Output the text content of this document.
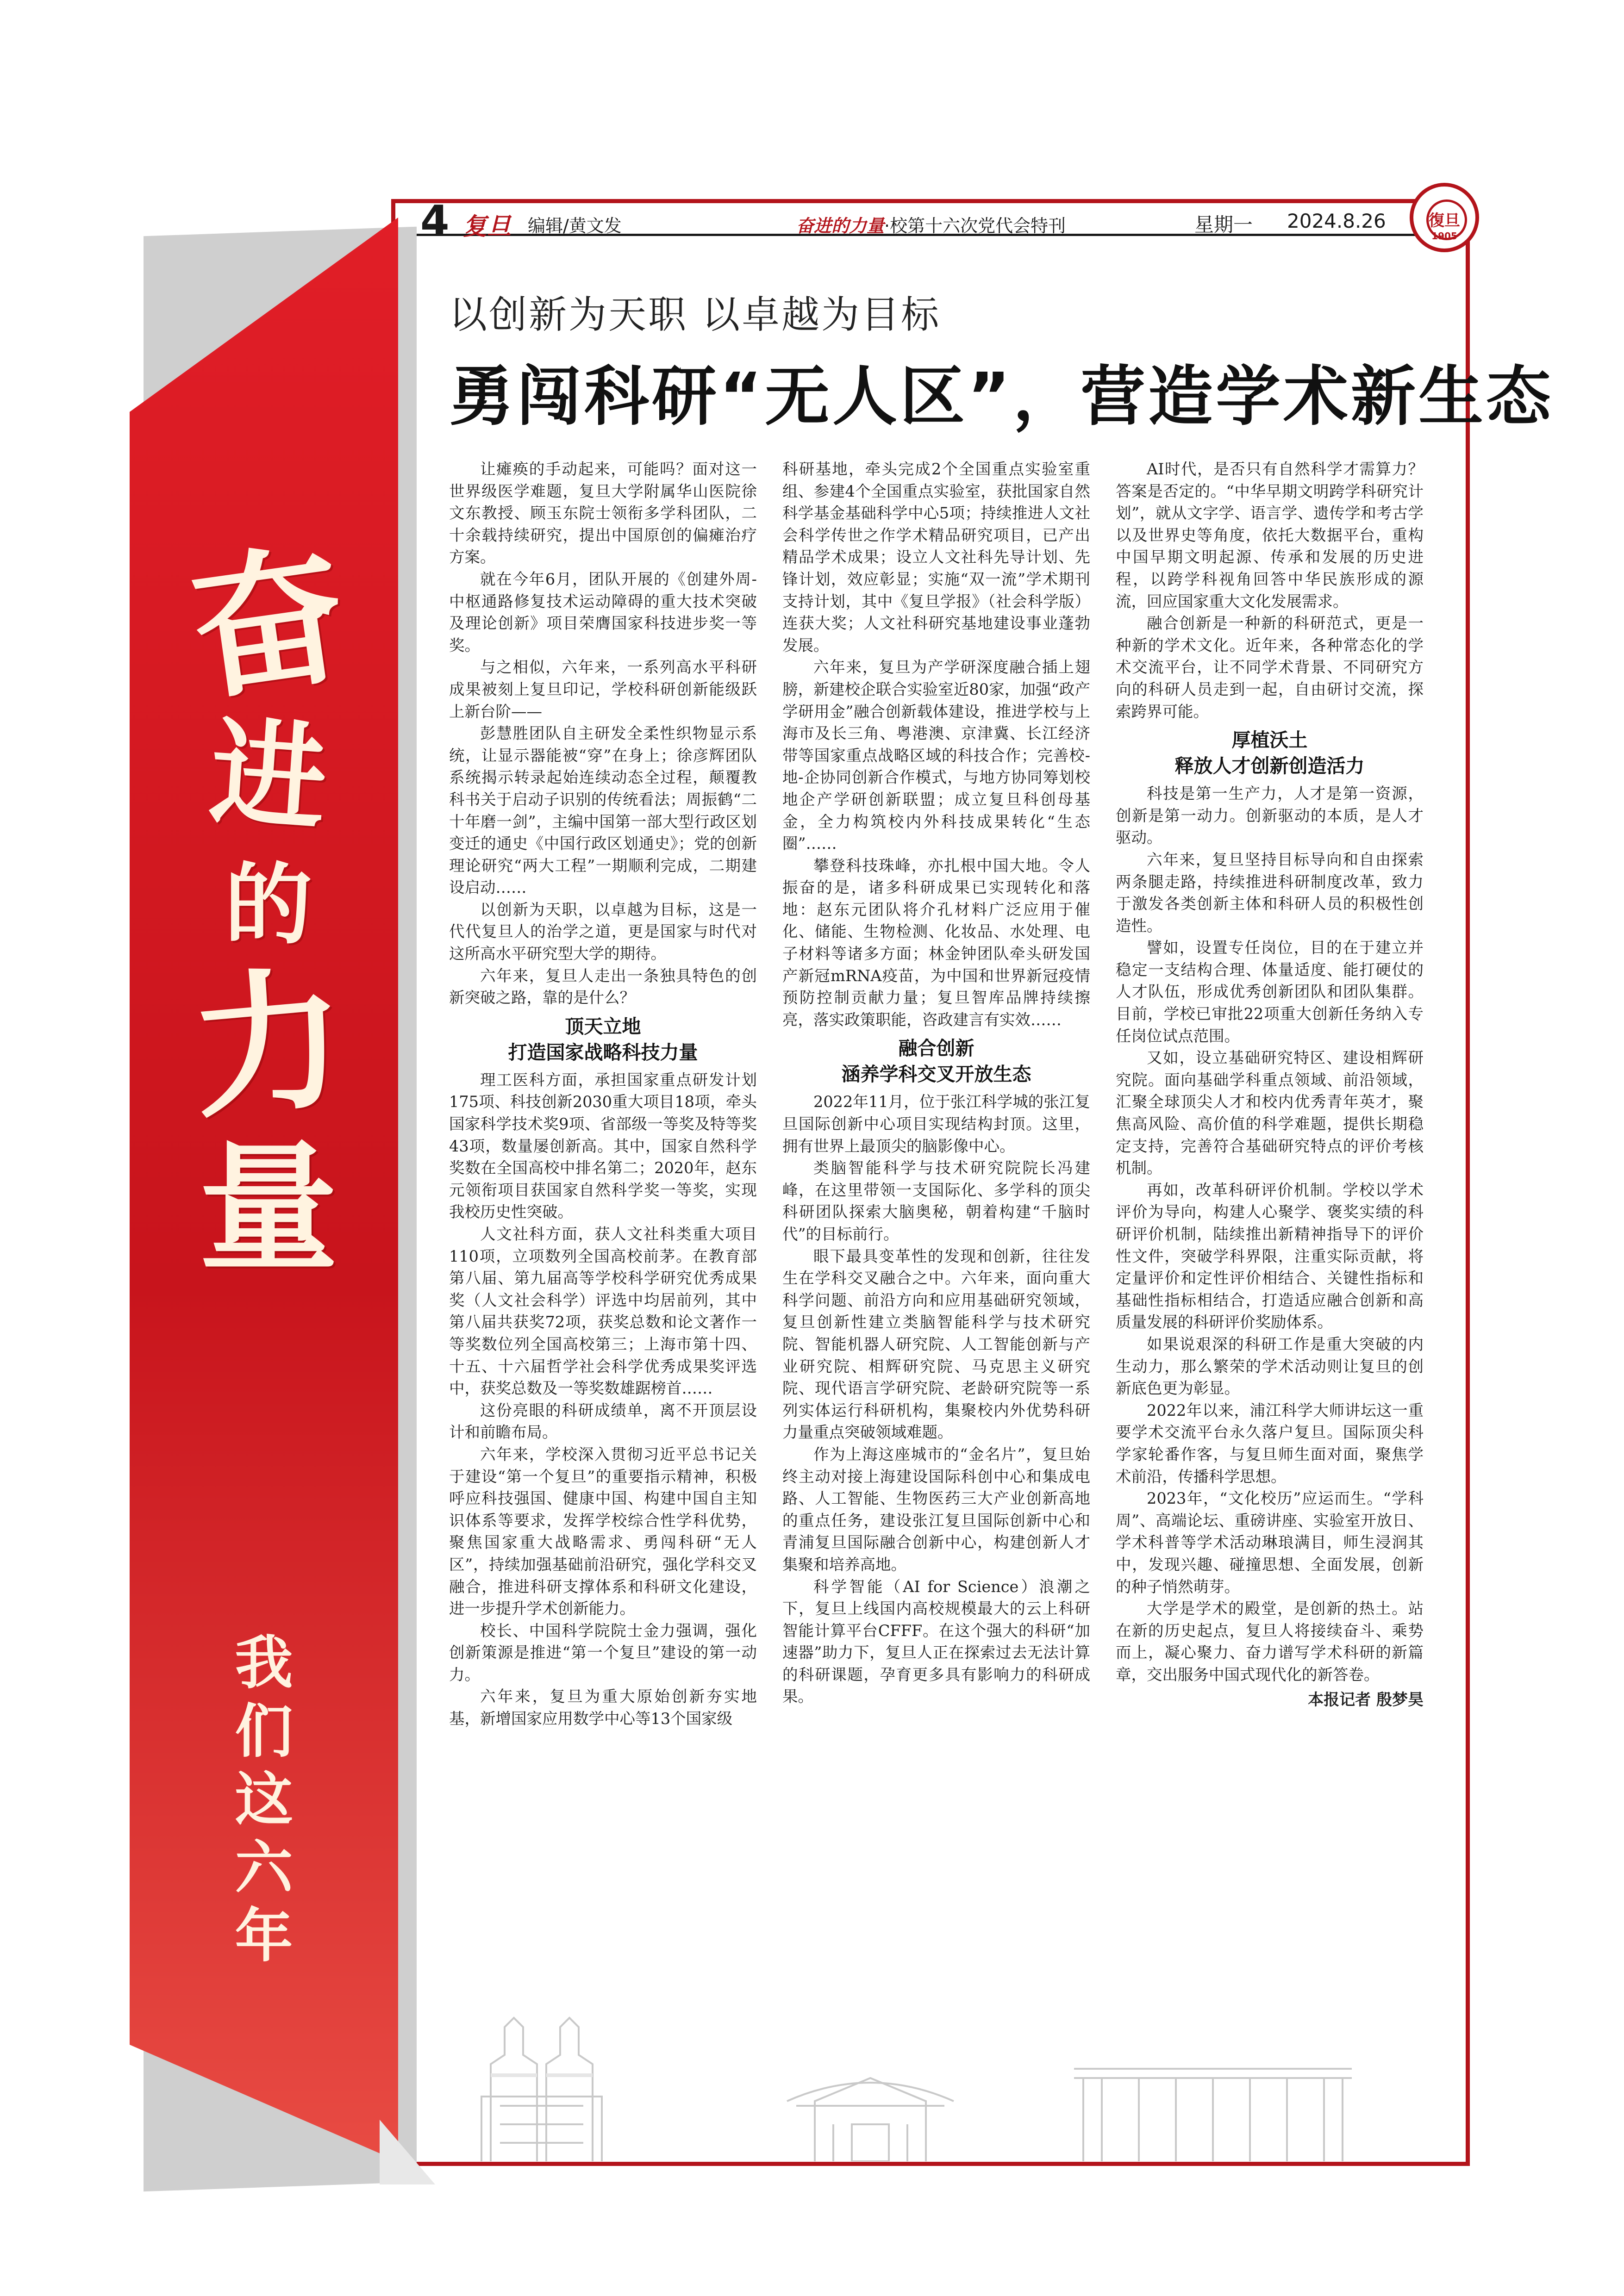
奋
进
的
力
量
我
们
这
六
年
4 复旦 编辑/黄文发	奋进的力量·校第十六次党代会特刊	星期一 2024.8.26	復旦
1905
以创新为天职 以卓越为目标
勇闯科研“无人区”，营造学术新生态

让瘫痪的手动起来，可能吗？面对这一世界级医学难题，复旦大学附属华山医院徐文东教授、顾玉东院士领衔多学科团队，二十余载持续研究，提出中国原创的偏瘫治疗方案。

就在今年6月，团队开展的《创建外周-中枢通路修复技术运动障碍的重大技术突破及理论创新》项目荣膺国家科技进步奖一等奖。

与之相似，六年来，一系列高水平科研成果被刻上复旦印记，学校科研创新能级跃上新台阶——

彭慧胜团队自主研发全柔性织物显示系统，让显示器能被“穿”在身上；徐彦辉团队系统揭示转录起始连续动态全过程，颠覆教科书关于启动子识别的传统看法；周振鹤“二十年磨一剑”，主编中国第一部大型行政区划变迁的通史《中国行政区划通史》；党的创新理论研究“两大工程”一期顺利完成，二期建设启动……

以创新为天职，以卓越为目标，这是一代代复旦人的治学之道，更是国家与时代对这所高水平研究型大学的期待。

六年来，复旦人走出一条独具特色的创新突破之路，靠的是什么？

顶天立地
打造国家战略科技力量

理工医科方面，承担国家重点研发计划175项、科技创新2030重大项目18项，牵头国家科学技术奖9项、省部级一等奖及特等奖43项，数量屡创新高。其中，国家自然科学奖数在全国高校中排名第二；2020年，赵东元领衔项目获国家自然科学奖一等奖，实现我校历史性突破。

人文社科方面，获人文社科类重大项目110项，立项数列全国高校前茅。在教育部第八届、第九届高等学校科学研究优秀成果奖（人文社会科学）评选中均居前列，其中第八届共获奖72项，获奖总数和论文著作一等奖数位列全国高校第三；上海市第十四、十五、十六届哲学社会科学优秀成果奖评选中，获奖总数及一等奖数雄踞榜首……

这份亮眼的科研成绩单，离不开顶层设计和前瞻布局。

六年来，学校深入贯彻习近平总书记关于建设“第一个复旦”的重要指示精神，积极呼应科技强国、健康中国、构建中国自主知识体系等要求，发挥学校综合性学科优势，聚焦国家重大战略需求、勇闯科研“无人区”，持续加强基础前沿研究，强化学科交叉融合，推进科研支撑体系和科研文化建设，进一步提升学术创新能力。

校长、中国科学院院士金力强调，强化创新策源是推进“第一个复旦”建设的第一动力。

六年来，复旦为重大原始创新夯实地基，新增国家应用数学中心等13个国家级

科研基地，牵头完成2个全国重点实验室重组、参建4个全国重点实验室，获批国家自然科学基金基础科学中心5项；持续推进人文社会科学传世之作学术精品研究项目，已产出精品学术成果；设立人文社科先导计划、先锋计划，效应彰显；实施“双一流”学术期刊支持计划，其中《复旦学报》（社会科学版）连获大奖；人文社科研究基地建设事业蓬勃发展。

六年来，复旦为产学研深度融合插上翅膀，新建校企联合实验室近80家，加强“政产学研用金”融合创新载体建设，推进学校与上海市及长三角、粤港澳、京津冀、长江经济带等国家重点战略区域的科技合作；完善校-地-企协同创新合作模式，与地方协同筹划校地企产学研创新联盟；成立复旦科创母基金，全力构筑校内外科技成果转化“生态圈”……

攀登科技珠峰，亦扎根中国大地。令人振奋的是，诸多科研成果已实现转化和落地：赵东元团队将介孔材料广泛应用于催化、储能、生物检测、化妆品、水处理、电子材料等诸多方面；林金钟团队牵头研发国产新冠mRNA疫苗，为中国和世界新冠疫情预防控制贡献力量；复旦智库品牌持续擦亮，落实政策职能，咨政建言有实效……

融合创新
涵养学科交叉开放生态

2022年11月，位于张江科学城的张江复旦国际创新中心项目实现结构封顶。这里，拥有世界上最顶尖的脑影像中心。

类脑智能科学与技术研究院院长冯建峰，在这里带领一支国际化、多学科的顶尖科研团队探索大脑奥秘，朝着构建“千脑时代”的目标前行。

眼下最具变革性的发现和创新，往往发生在学科交叉融合之中。六年来，面向重大科学问题、前沿方向和应用基础研究领域，复旦创新性建立类脑智能科学与技术研究院、智能机器人研究院、人工智能创新与产业研究院、相辉研究院、马克思主义研究院、现代语言学研究院、老龄研究院等一系列实体运行科研机构，集聚校内外优势科研力量重点突破领域难题。

作为上海这座城市的“金名片”，复旦始终主动对接上海建设国际科创中心和集成电路、人工智能、生物医药三大产业创新高地的重点任务，建设张江复旦国际创新中心和青浦复旦国际融合创新中心，构建创新人才集聚和培养高地。

科学智能（AI for Science）浪潮之下，复旦上线国内高校规模最大的云上科研智能计算平台CFFF。在这个强大的科研“加速器”助力下，复旦人正在探索过去无法计算的科研课题，孕育更多具有影响力的科研成果。

AI时代，是否只有自然科学才需算力？答案是否定的。“中华早期文明跨学科研究计划”，就从文字学、语言学、遗传学和考古学以及世界史等角度，依托大数据平台，重构中国早期文明起源、传承和发展的历史进程，以跨学科视角回答中华民族形成的源流，回应国家重大文化发展需求。

融合创新是一种新的科研范式，更是一种新的学术文化。近年来，各种常态化的学术交流平台，让不同学术背景、不同研究方向的科研人员走到一起，自由研讨交流，探索跨界可能。

厚植沃土
释放人才创新创造活力

科技是第一生产力，人才是第一资源，创新是第一动力。创新驱动的本质，是人才驱动。

六年来，复旦坚持目标导向和自由探索两条腿走路，持续推进科研制度改革，致力于激发各类创新主体和科研人员的积极性创造性。

譬如，设置专任岗位，目的在于建立并稳定一支结构合理、体量适度、能打硬仗的人才队伍，形成优秀创新团队和团队集群。目前，学校已审批22项重大创新任务纳入专任岗位试点范围。

又如，设立基础研究特区、建设相辉研究院。面向基础学科重点领域、前沿领域，汇聚全球顶尖人才和校内优秀青年英才，聚焦高风险、高价值的科学难题，提供长期稳定支持，完善符合基础研究特点的评价考核机制。

再如，改革科研评价机制。学校以学术评价为导向，构建人心聚学、褒奖实绩的科研评价机制，陆续推出新精神指导下的评价性文件，突破学科界限，注重实际贡献，将定量评价和定性评价相结合、关键性指标和基础性指标相结合，打造适应融合创新和高质量发展的科研评价奖励体系。

如果说艰深的科研工作是重大突破的内生动力，那么繁荣的学术活动则让复旦的创新底色更为彰显。

2022年以来，浦江科学大师讲坛这一重要学术交流平台永久落户复旦。国际顶尖科学家轮番作客，与复旦师生面对面，聚焦学术前沿，传播科学思想。

2023年，“文化校历”应运而生。“学科周”、高端论坛、重磅讲座、实验室开放日、学术科普等学术活动琳琅满目，师生浸润其中，发现兴趣、碰撞思想、全面发展，创新的种子悄然萌芽。

大学是学术的殿堂，是创新的热土。站在新的历史起点，复旦人将接续奋斗、乘势而上，凝心聚力、奋力谱写学术科研的新篇章，交出服务中国式现代化的新答卷。

本报记者 殷梦昊
